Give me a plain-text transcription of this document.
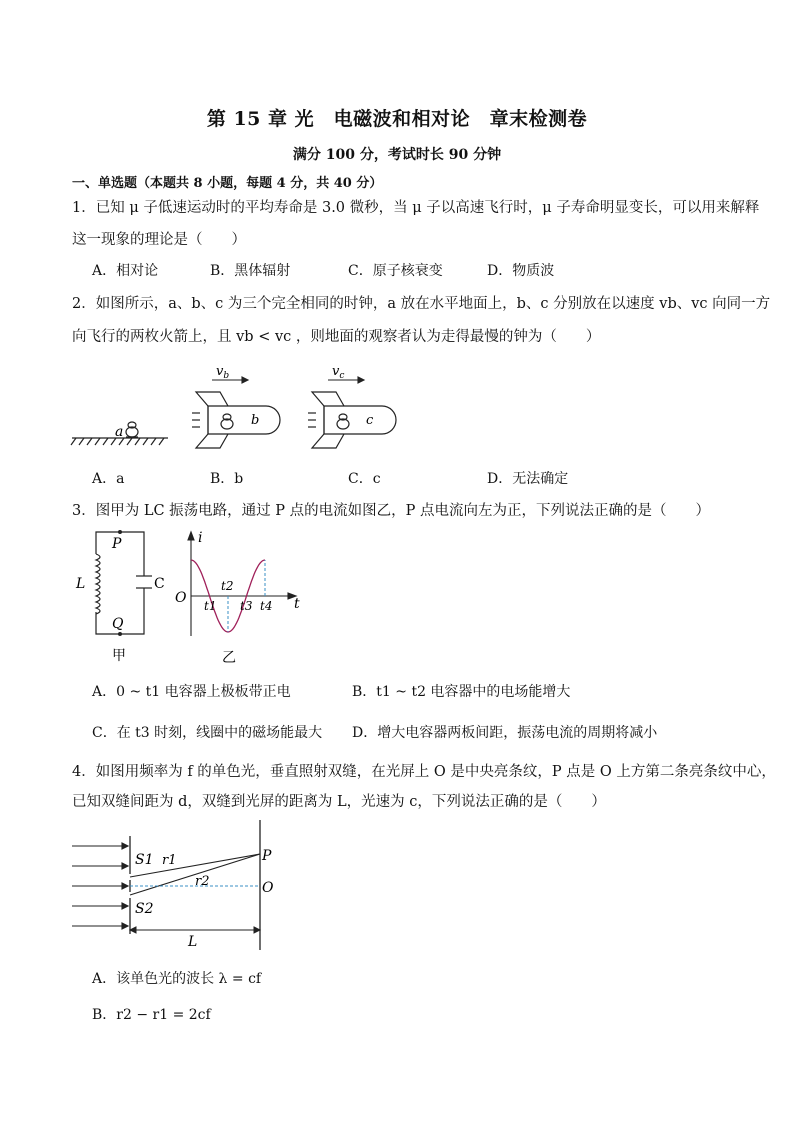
第 15 章 光　电磁波和相对论　章末检测卷
满分 100 分，考试时长 90 分钟
一、单选题（本题共 8 小题，每题 4 分，共 40 分）
1．已知 μ 子低速运动时的平均寿命是 3.0 微秒，当 μ 子以高速飞行时，μ 子寿命明显变长，可以用来解释
这一现象的理论是（　　）
A．相对论	B．黑体辐射	C．原子核衰变	D．物质波
2．如图所示，a、b、c 为三个完全相同的时钟，a 放在水平地面上，b、c 分别放在以速度 vb、vc 向同一方
向飞行的两枚火箭上，且 vb < vc ，则地面的观察者认为走得最慢的钟为（　　）
a
b
$v_b$
c
$v_c$
A．a	B．b	C．c	D．无法确定
3．图甲为 LC 振荡电路，通过 P 点的电流如图乙，P 点电流向左为正，下列说法正确的是（　　）
P
Q
L	C
甲
i
O	t
t1
t2
t3 t4
乙
A．0 ~ t1 电容器上极板带正电	B．t1 ~ t2 电容器中的电场能增大
C．在 t3 时刻，线圈中的磁场能最大 D．增大电容器两板间距，振荡电流的周期将减小
4．如图用频率为 f 的单色光，垂直照射双缝，在光屏上 O 是中央亮条纹，P 点是 O 上方第二条亮条纹中心，
已知双缝间距为 d，双缝到光屏的距离为 L，光速为 c，下列说法正确的是（　　）
S1
S2
r1
r2
P
O
L
A．该单色光的波长 λ = cf
B．r2 − r1 = 2cf
